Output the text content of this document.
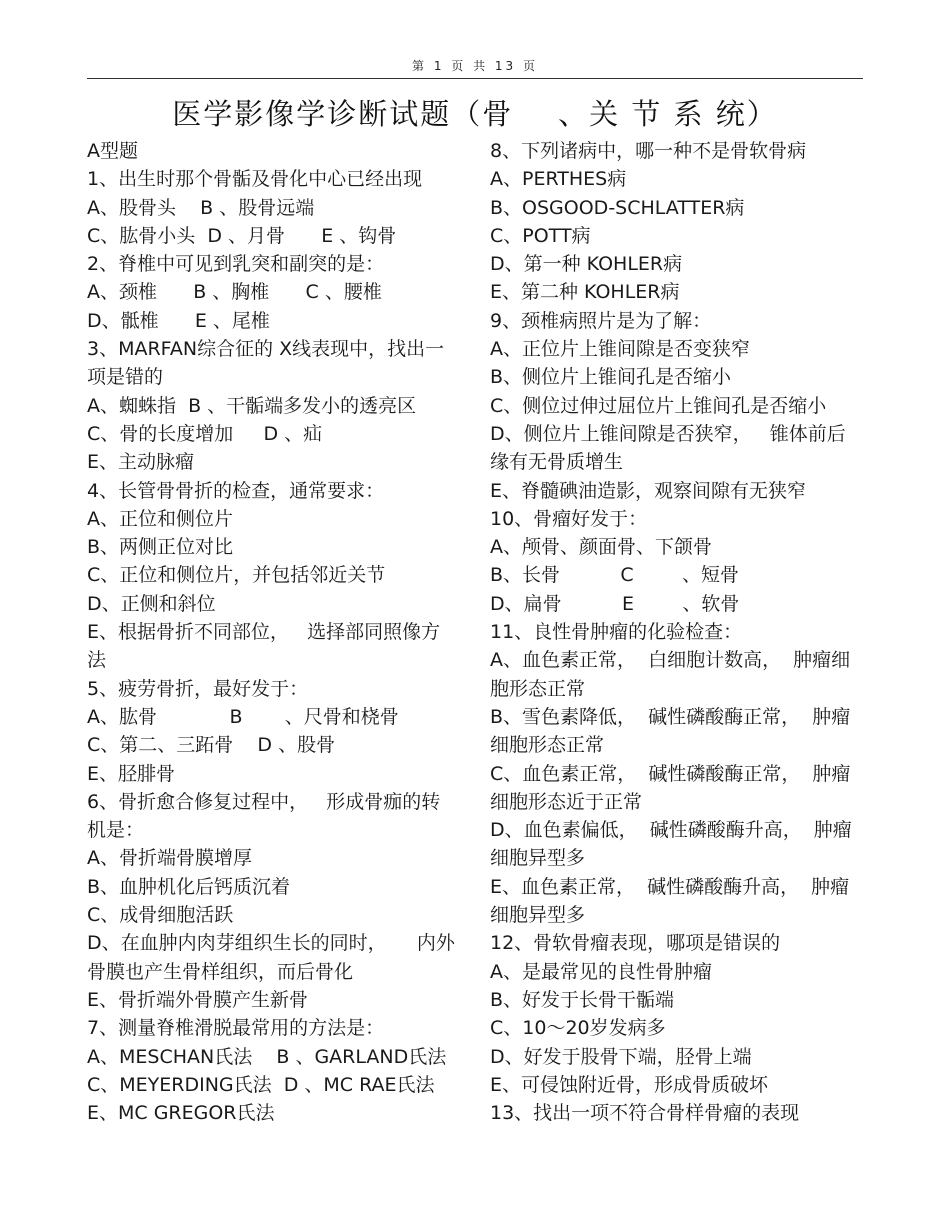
第 1 页 共 13 页
医学影像学诊断试题（骨    、关 节 系 统）
A型题
1、出生时那个骨骺及骨化中心已经出现
A、股骨头    B 、股骨远端
C、肱骨小头  D 、月骨      E 、钩骨
2、脊椎中可见到乳突和副突的是：
A、颈椎      B 、胸椎      C 、腰椎
D、骶椎      E 、尾椎
3、MARFAN综合征的 X线表现中，找出一
项是错的
A、蜘蛛指  B 、干骺端多发小的透亮区
C、骨的长度增加     D 、疝
E、主动脉瘤
4、长管骨骨折的检查，通常要求：
A、正位和侧位片
B、两侧正位对比
C、正位和侧位片，并包括邻近关节
D、正侧和斜位
E、根据骨折不同部位，   选择部同照像方
法
5、疲劳骨折，最好发于：
A、肱骨            B       、尺骨和桡骨
C、第二、三跖骨    D 、股骨
E、胫腓骨
6、骨折愈合修复过程中，   形成骨痂的转
机是：
A、骨折端骨膜增厚
B、血肿机化后钙质沉着
C、成骨细胞活跃
D、在血肿内肉芽组织生长的同时，     内外
骨膜也产生骨样组织，而后骨化
E、骨折端外骨膜产生新骨
7、测量脊椎滑脱最常用的方法是：
A、MESCHAN氏法    B 、GARLAND氏法
C、MEYERDING氏法  D 、MC RAE氏法
E、MC GREGOR氏法
8、下列诸病中，哪一种不是骨软骨病
A、PERTHES病
B、OSGOOD-SCHLATTER病
C、POTT病
D、第一种 KOHLER病
E、第二种 KOHLER病
9、颈椎病照片是为了解：
A、正位片上锥间隙是否变狭窄
B、侧位片上锥间孔是否缩小
C、侧位过伸过屈位片上锥间孔是否缩小
D、侧位片上锥间隙是否狭窄，   锥体前后
缘有无骨质增生
E、脊髓碘油造影，观察间隙有无狭窄
10、骨瘤好发于：
A、颅骨、颜面骨、下颌骨
B、长骨          C        、短骨
D、扁骨          E        、软骨
11、良性骨肿瘤的化验检查：
A、血色素正常，  白细胞计数高，  肿瘤细
胞形态正常
B、雪色素降低，  碱性磷酸酶正常，  肿瘤
细胞形态正常
C、血色素正常，  碱性磷酸酶正常，  肿瘤
细胞形态近于正常
D、血色素偏低，  碱性磷酸酶升高，  肿瘤
细胞异型多
E、血色素正常，  碱性磷酸酶升高，  肿瘤
细胞异型多
12、骨软骨瘤表现，哪项是错误的
A、是最常见的良性骨肿瘤
B、好发于长骨干骺端
C、10～20岁发病多
D、好发于股骨下端，胫骨上端
E、可侵蚀附近骨，形成骨质破坏
13、找出一项不符合骨样骨瘤的表现
